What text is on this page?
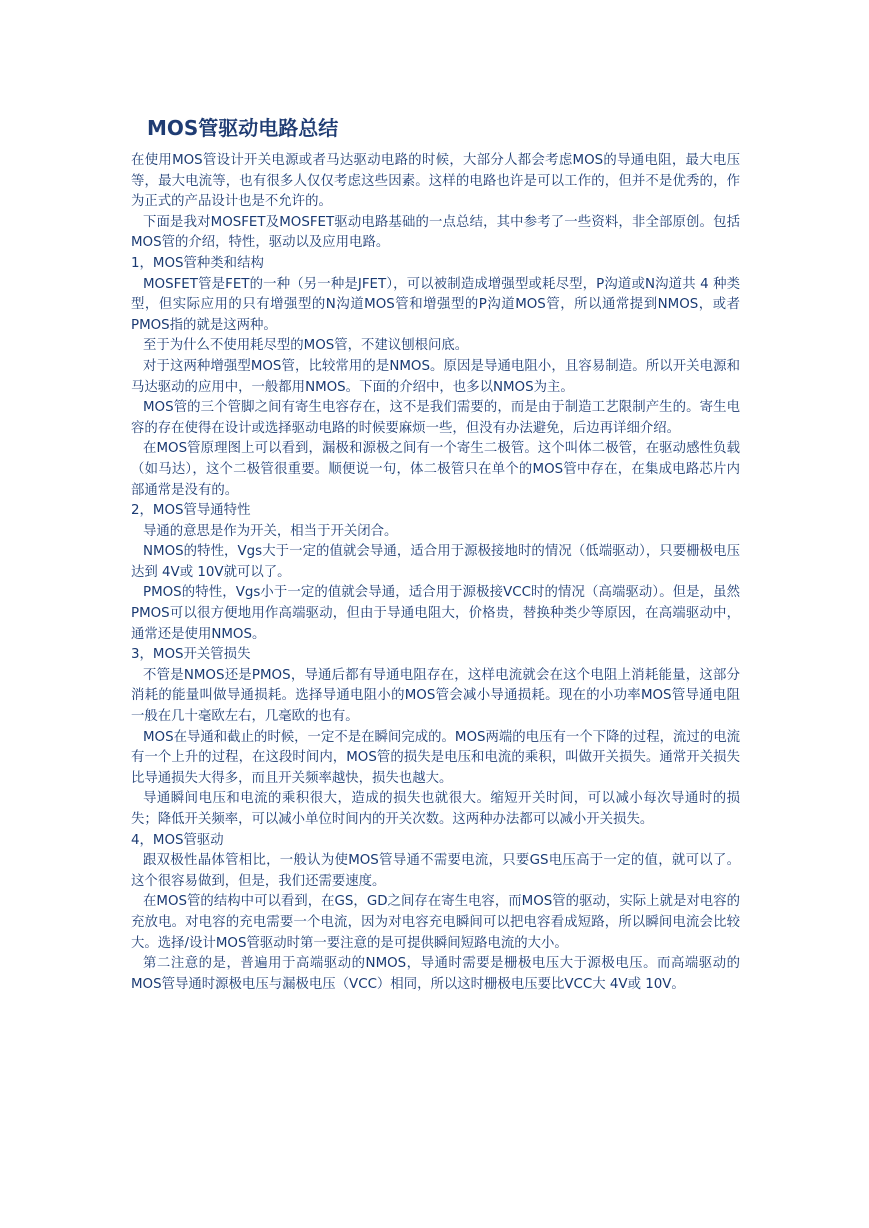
MOS管驱动电路总结

在使用MOS管设计开关电源或者马达驱动电路的时候，大部分人都会考虑MOS的导通电阻，最大电压等，最大电流等，也有很多人仅仅考虑这些因素。这样的电路也许是可以工作的，但并不是优秀的，作为正式的产品设计也是不允许的。

下面是我对MOSFET及MOSFET驱动电路基础的一点总结，其中参考了一些资料，非全部原创。包括MOS管的介绍，特性，驱动以及应用电路。

1，MOS管种类和结构

MOSFET管是FET的一种（另一种是JFET），可以被制造成增强型或耗尽型，P沟道或N沟道共 4 种类型，但实际应用的只有增强型的N沟道MOS管和增强型的P沟道MOS管，所以通常提到NMOS，或者PMOS指的就是这两种。

至于为什么不使用耗尽型的MOS管，不建议刨根问底。

对于这两种增强型MOS管，比较常用的是NMOS。原因是导通电阻小，且容易制造。所以开关电源和马达驱动的应用中，一般都用NMOS。下面的介绍中，也多以NMOS为主。

MOS管的三个管脚之间有寄生电容存在，这不是我们需要的，而是由于制造工艺限制产生的。寄生电容的存在使得在设计或选择驱动电路的时候要麻烦一些，但没有办法避免，后边再详细介绍。

在MOS管原理图上可以看到，漏极和源极之间有一个寄生二极管。这个叫体二极管，在驱动感性负载（如马达），这个二极管很重要。顺便说一句，体二极管只在单个的MOS管中存在，在集成电路芯片内部通常是没有的。

2，MOS管导通特性

导通的意思是作为开关，相当于开关闭合。

NMOS的特性，Vgs大于一定的值就会导通，适合用于源极接地时的情况（低端驱动），只要栅极电压达到 4V或 10V就可以了。

PMOS的特性，Vgs小于一定的值就会导通，适合用于源极接VCC时的情况（高端驱动）。但是，虽然PMOS可以很方便地用作高端驱动，但由于导通电阻大，价格贵，替换种类少等原因，在高端驱动中，通常还是使用NMOS。

3，MOS开关管损失

不管是NMOS还是PMOS，导通后都有导通电阻存在，这样电流就会在这个电阻上消耗能量，这部分消耗的能量叫做导通损耗。选择导通电阻小的MOS管会减小导通损耗。现在的小功率MOS管导通电阻一般在几十毫欧左右，几毫欧的也有。

MOS在导通和截止的时候，一定不是在瞬间完成的。MOS两端的电压有一个下降的过程，流过的电流有一个上升的过程，在这段时间内，MOS管的损失是电压和电流的乘积，叫做开关损失。通常开关损失比导通损失大得多，而且开关频率越快，损失也越大。

导通瞬间电压和电流的乘积很大，造成的损失也就很大。缩短开关时间，可以减小每次导通时的损失；降低开关频率，可以减小单位时间内的开关次数。这两种办法都可以减小开关损失。

4，MOS管驱动

跟双极性晶体管相比，一般认为使MOS管导通不需要电流，只要GS电压高于一定的值，就可以了。这个很容易做到，但是，我们还需要速度。

在MOS管的结构中可以看到，在GS，GD之间存在寄生电容，而MOS管的驱动，实际上就是对电容的充放电。对电容的充电需要一个电流，因为对电容充电瞬间可以把电容看成短路，所以瞬间电流会比较大。选择/设计MOS管驱动时第一要注意的是可提供瞬间短路电流的大小。

第二注意的是，普遍用于高端驱动的NMOS，导通时需要是栅极电压大于源极电压。而高端驱动的MOS管导通时源极电压与漏极电压（VCC）相同，所以这时栅极电压要比VCC大 4V或 10V。
